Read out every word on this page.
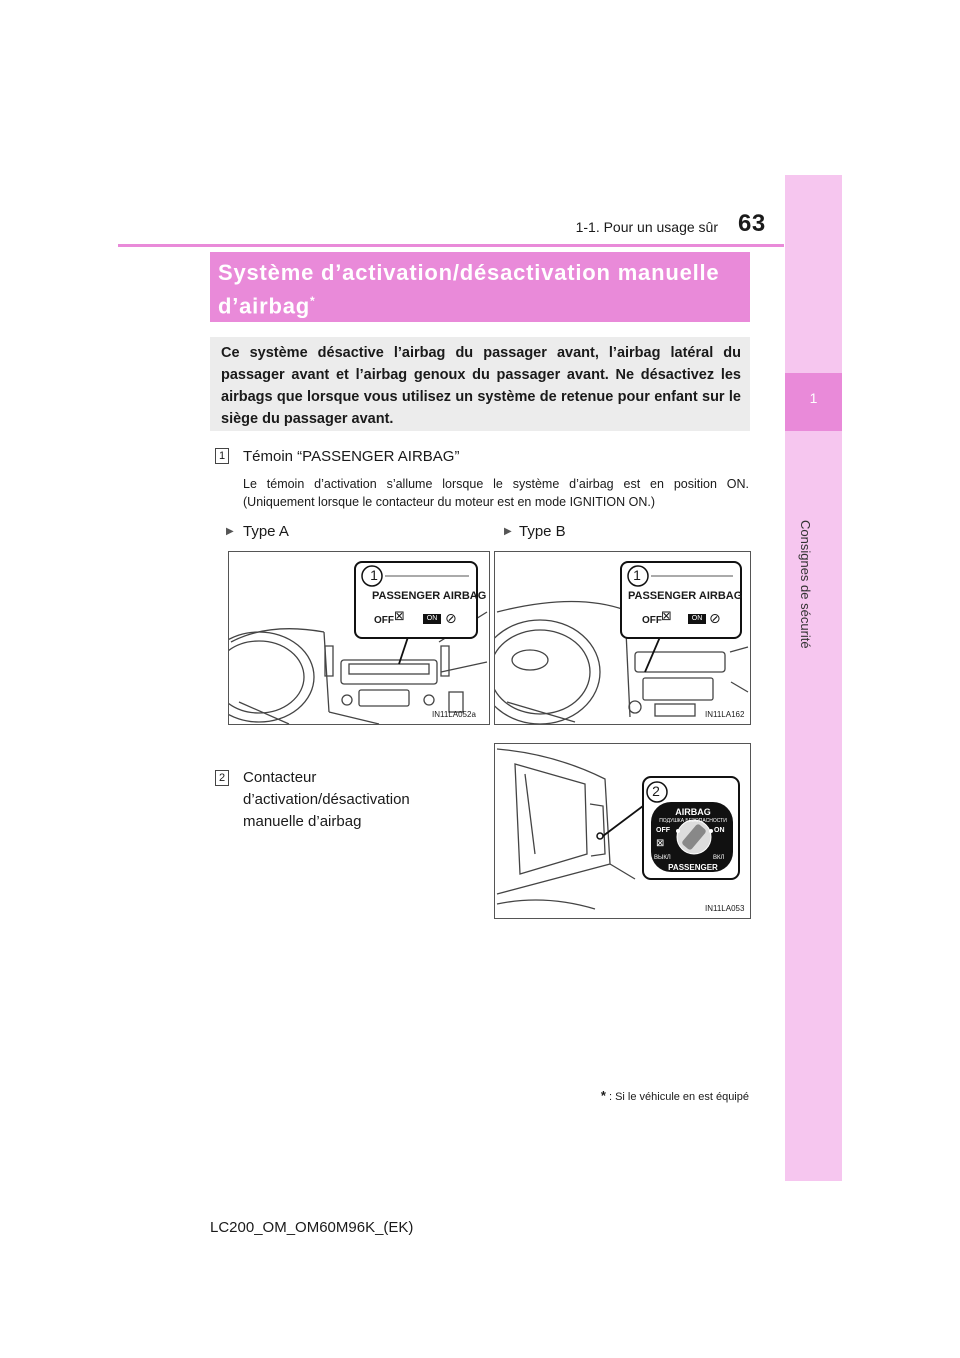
1
Consignes de sécurité
1-1. Pour un usage sûr 63
Système d’activation/désactivation manuelle d’airbag*
Ce système désactive l’airbag du passager avant, l’airbag latéral du passager avant et l’airbag genoux du passager avant. Ne désactivez les airbags que lorsque vous utilisez un système de retenue pour enfant sur le siège du passager avant.
1 Témoin “PASSENGER AIRBAG”
Le témoin d’activation s’allume lorsque le système d’airbag est en position ON. (Uniquement lorsque le contacteur du moteur est en mode IGNITION ON.)
▶ Type A	▶ Type B
1
PASSENGER AIRBAG
OFF ⊠	ON ⊘
IN11LA052a
1
PASSENGER AIRBAG
OFF ⊠	ON ⊘
IN11LA162
2 Contacteur d’activation/désactivation manuelle d’airbag
2
AIRBAG
ПОДУШКА БЕЗОПАСНОСТИ
OFF	ON
⊠
ВЫКЛ	ВКЛ
PASSENGER
ПАССАЖИРА
IN11LA053
* : Si le véhicule en est équipé
LC200_OM_OM60M96K_(EK)
